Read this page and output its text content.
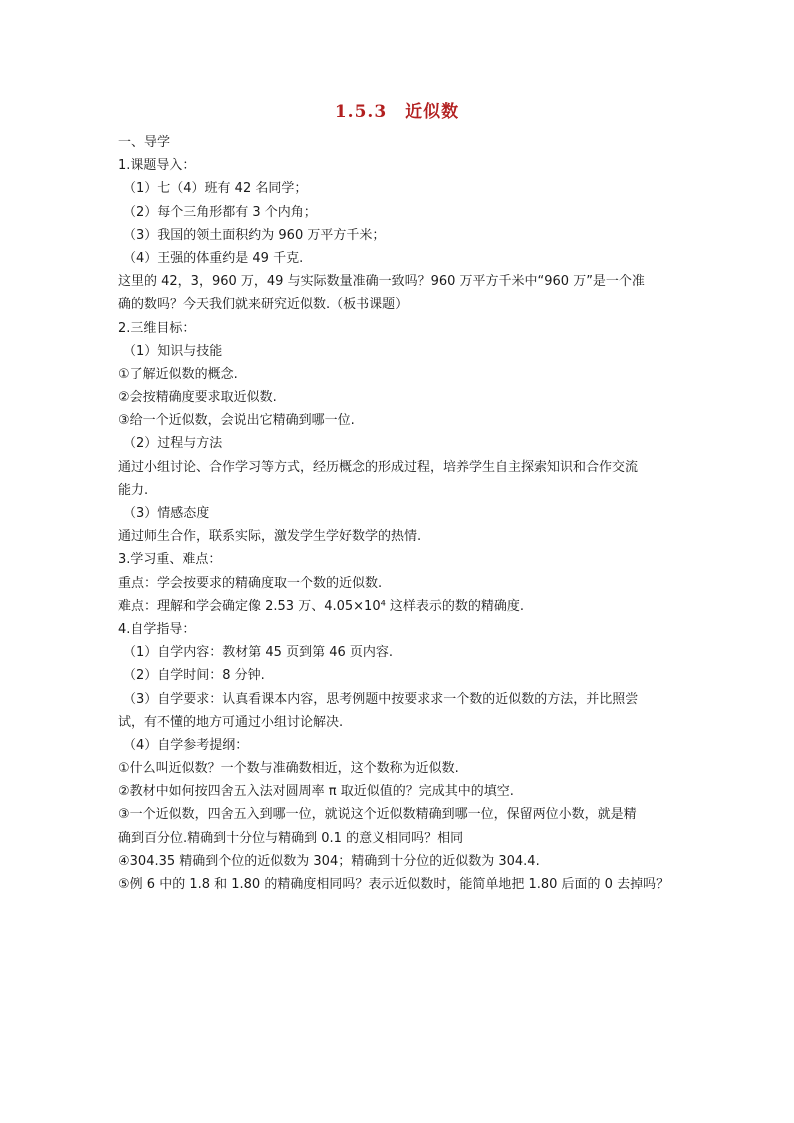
1.5.3　近似数
一、导学
1.课题导入：
（1）七（4）班有 42 名同学；
（2）每个三角形都有 3 个内角；
（3）我国的领土面积约为 960 万平方千米；
（4）王强的体重约是 49 千克.
这里的 42，3，960 万，49 与实际数量准确一致吗？960 万平方千米中“960 万”是一个准
确的数吗？今天我们就来研究近似数.（板书课题）
2.三维目标：
（1）知识与技能
①了解近似数的概念.
②会按精确度要求取近似数.
③给一个近似数，会说出它精确到哪一位.
（2）过程与方法
通过小组讨论、合作学习等方式，经历概念的形成过程，培养学生自主探索知识和合作交流
能力.
（3）情感态度
通过师生合作，联系实际，激发学生学好数学的热情.
3.学习重、难点：
重点：学会按要求的精确度取一个数的近似数.
难点：理解和学会确定像 2.53 万、4.05×10⁴ 这样表示的数的精确度.
4.自学指导：
（1）自学内容：教材第 45 页到第 46 页内容.
（2）自学时间：8 分钟.
（3）自学要求：认真看课本内容，思考例题中按要求求一个数的近似数的方法，并比照尝
试，有不懂的地方可通过小组讨论解决.
（4）自学参考提纲：
①什么叫近似数？一个数与准确数相近，这个数称为近似数.
②教材中如何按四舍五入法对圆周率 π 取近似值的？完成其中的填空.
③一个近似数，四舍五入到哪一位，就说这个近似数精确到哪一位，保留两位小数，就是精
确到百分位.精确到十分位与精确到 0.1 的意义相同吗？相同
④304.35 精确到个位的近似数为 304；精确到十分位的近似数为 304.4.
⑤例 6 中的 1.8 和 1.80 的精确度相同吗？表示近似数时，能简单地把 1.80 后面的 0 去掉吗？
